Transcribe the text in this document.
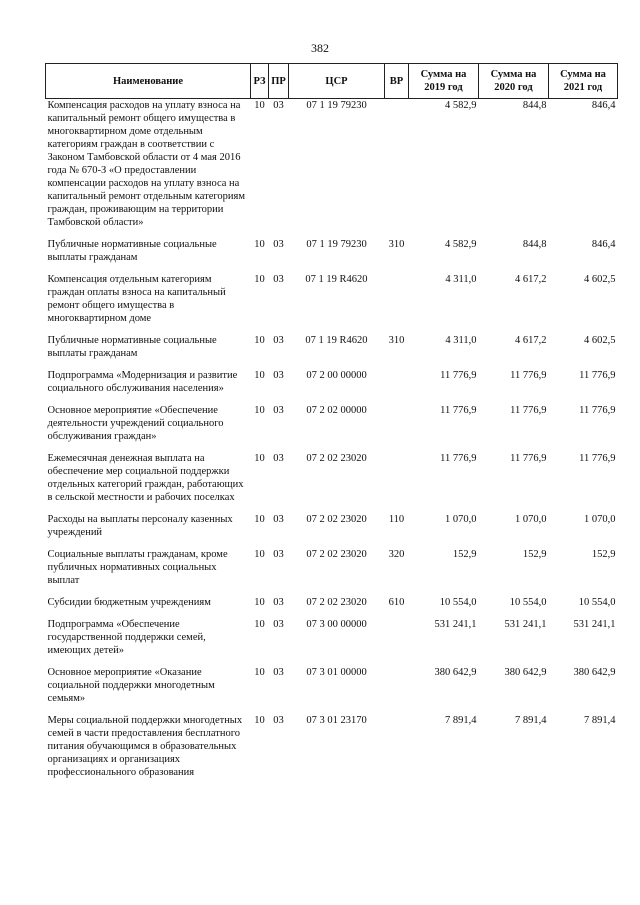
382
Наименование	РЗ	ПР	ЦСР	ВР	Сумма на 2019 год	Сумма на 2020 год	Сумма на 2021 год
Компенсация расходов на уплату взноса на капитальный ремонт общего имущества в многоквартирном доме отдельным категориям граждан в соответствии с Законом Тамбовской области от 4 мая 2016 года № 670-З «О предоставлении компенсации расходов на уплату взноса на капитальный ремонт отдельным категориям граждан, проживающим на территории Тамбовской области»	10	03	07 1 19 79230		4 582,9	844,8	846,4
Публичные нормативные социальные выплаты гражданам	10	03	07 1 19 79230	310	4 582,9	844,8	846,4
Компенсация отдельным категориям граждан оплаты взноса на капитальный ремонт общего имущества в многоквартирном доме	10	03	07 1 19 R4620		4 311,0	4 617,2	4 602,5
Публичные нормативные социальные выплаты гражданам	10	03	07 1 19 R4620	310	4 311,0	4 617,2	4 602,5
Подпрограмма «Модернизация и развитие социального обслуживания населения»	10	03	07 2 00 00000		11 776,9	11 776,9	11 776,9
Основное мероприятие «Обеспечение деятельности учреждений социального обслуживания граждан»	10	03	07 2 02 00000		11 776,9	11 776,9	11 776,9
Ежемесячная денежная выплата на обеспечение мер социальной поддержки отдельных категорий граждан, работающих в сельской местности и рабочих поселках	10	03	07 2 02 23020		11 776,9	11 776,9	11 776,9
Расходы на выплаты персоналу казенных учреждений	10	03	07 2 02 23020	110	1 070,0	1 070,0	1 070,0
Социальные выплаты гражданам, кроме публичных нормативных социальных выплат	10	03	07 2 02 23020	320	152,9	152,9	152,9
Субсидии бюджетным учреждениям	10	03	07 2 02 23020	610	10 554,0	10 554,0	10 554,0
Подпрограмма «Обеспечение государственной поддержки семей, имеющих детей»	10	03	07 3 00 00000		531 241,1	531 241,1	531 241,1
Основное мероприятие «Оказание социальной поддержки многодетным семьям»	10	03	07 3 01 00000		380 642,9	380 642,9	380 642,9
Меры социальной поддержки многодетных семей в части предоставления бесплатного питания обучающимся в образовательных организациях и организациях профессионального образования	10	03	07 3 01 23170		7 891,4	7 891,4	7 891,4
